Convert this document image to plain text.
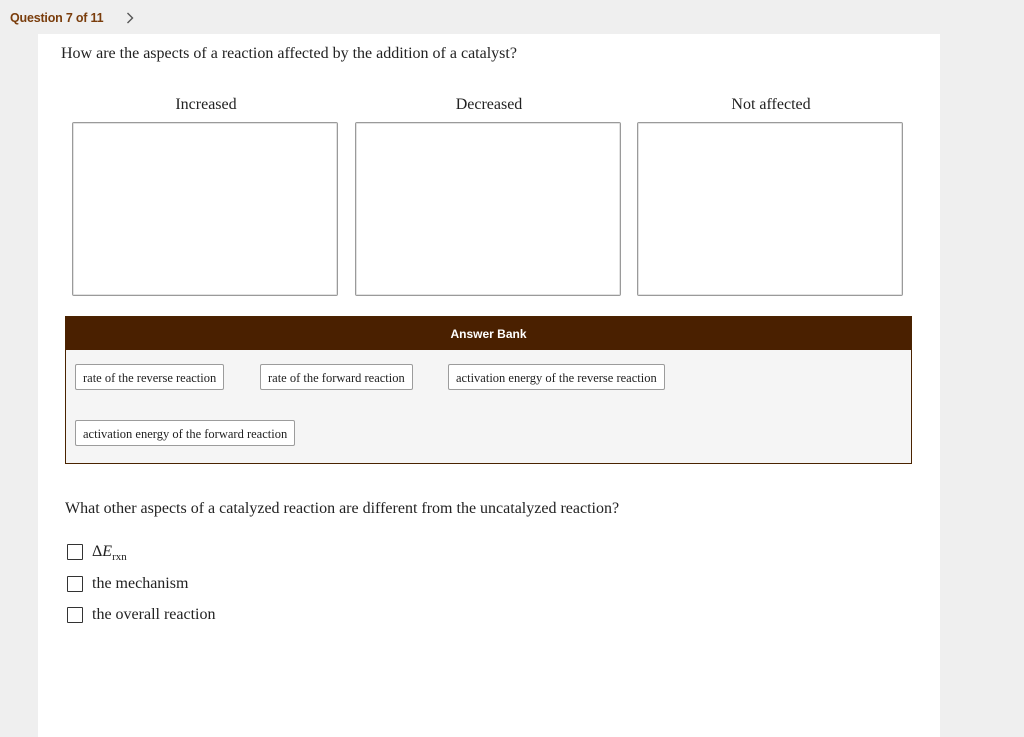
Question 7 of 11
How are the aspects of a reaction affected by the addition of a catalyst?
Increased	Decreased	Not affected
Answer Bank
rate of the reverse reaction	rate of the forward reaction	activation energy of the reverse reaction
activation energy of the forward reaction
What other aspects of a catalyzed reaction are different from the uncatalyzed reaction?
$\Delta E_{rxn}$
the mechanism
the overall reaction
